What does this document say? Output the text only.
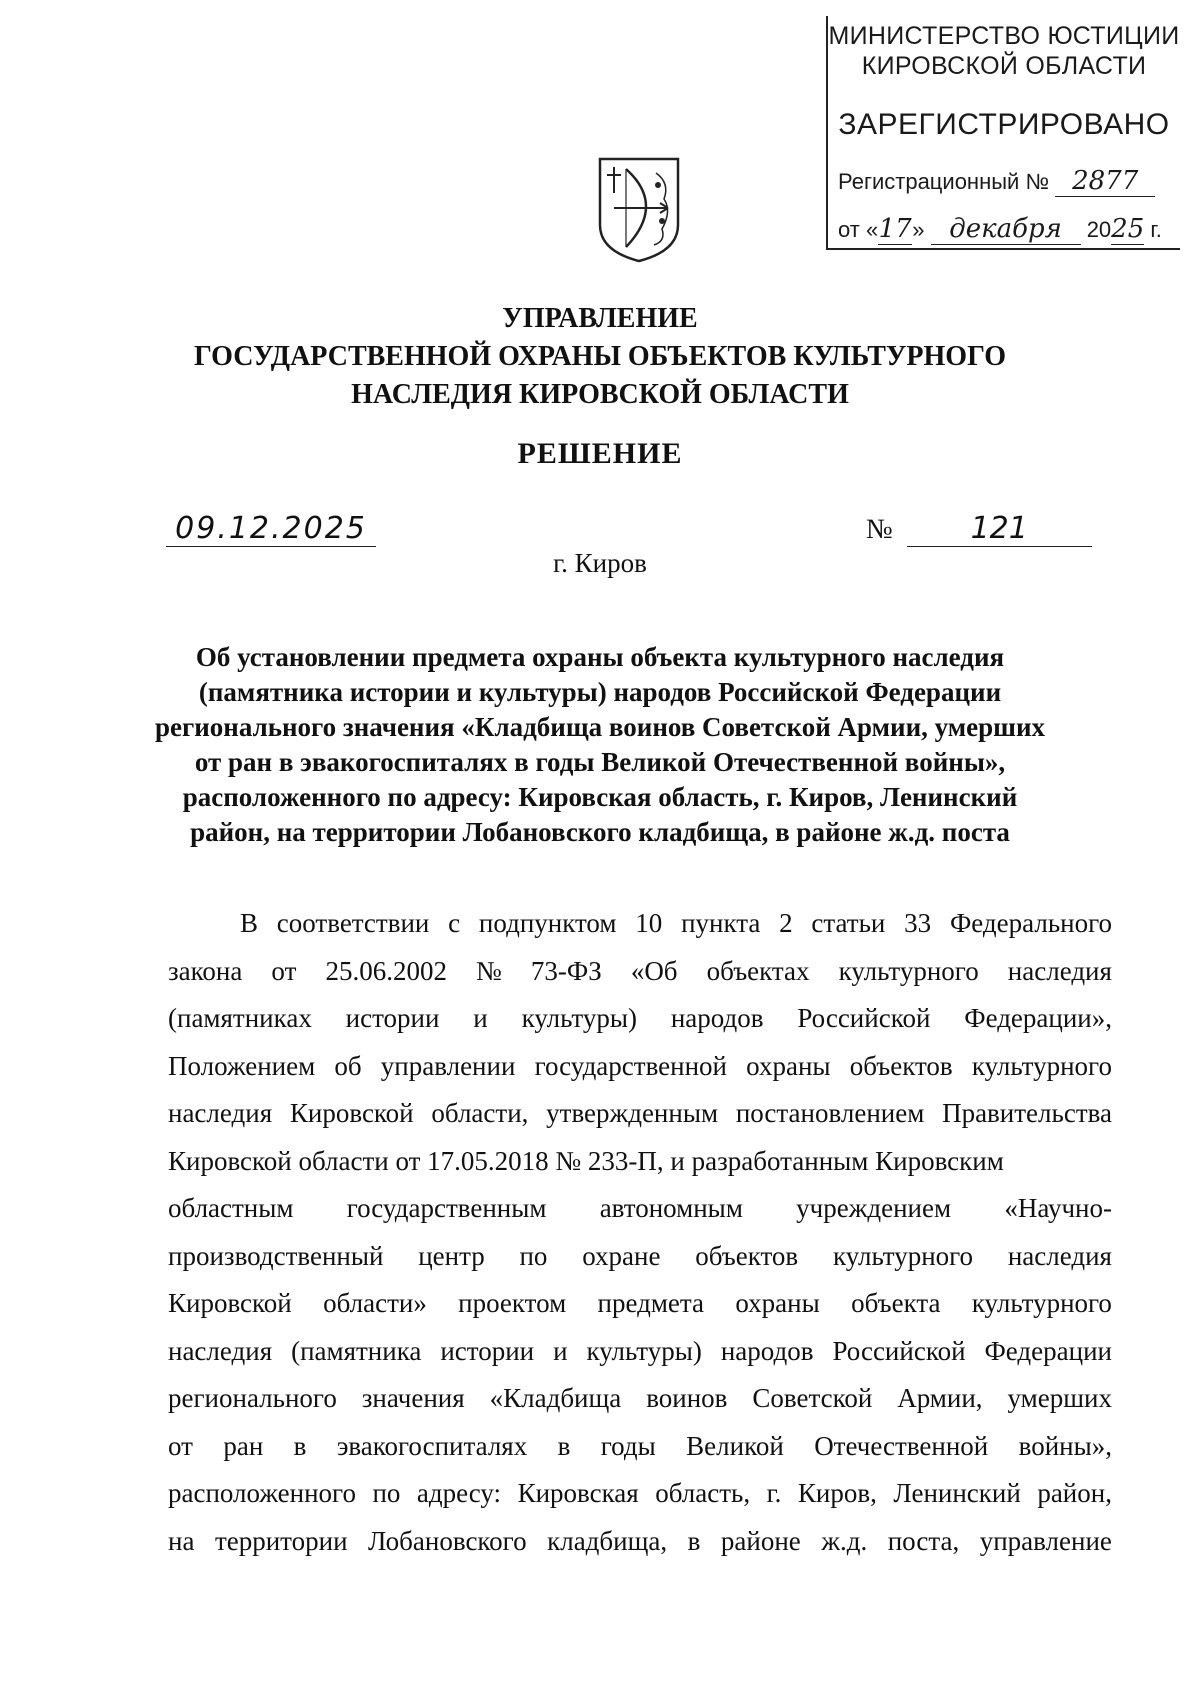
МИНИСТЕРСТВО ЮСТИЦИИ
КИРОВСКОЙ ОБЛАСТИ
ЗАРЕГИСТРИРОВАНО
Регистрационный № 2877
от «17» декабря 2025 г.
УПРАВЛЕНИЕ
ГОСУДАРСТВЕННОЙ ОХРАНЫ ОБЪЕКТОВ КУЛЬТУРНОГО
НАСЛЕДИЯ КИРОВСКОЙ ОБЛАСТИ
РЕШЕНИЕ
09.12.2025	№	121
г. Киров
Об установлении предмета охраны объекта культурного наследия
(памятника истории и культуры) народов Российской Федерации
регионального значения «Кладбища воинов Советской Армии, умерших
от ран в эвакогоспиталях в годы Великой Отечественной войны»,
расположенного по адресу: Кировская область, г. Киров, Ленинский
район, на территории Лобановского кладбища, в районе ж.д. поста
В соответствии с подпунктом 10 пункта 2 статьи 33 Федерального
закона от 25.06.2002 № 73-ФЗ «Об объектах культурного наследия
(памятниках истории и культуры) народов Российской Федерации»,
Положением об управлении государственной охраны объектов культурного
наследия Кировской области, утвержденным постановлением Правительства
Кировской области от 17.05.2018 № 233-П, и разработанным Кировским
областным государственным автономным учреждением «Научно-
производственный центр по охране объектов культурного наследия
Кировской области» проектом предмета охраны объекта культурного
наследия (памятника истории и культуры) народов Российской Федерации
регионального значения «Кладбища воинов Советской Армии, умерших
от ран в эвакогоспиталях в годы Великой Отечественной войны»,
расположенного по адресу: Кировская область, г. Киров, Ленинский район,
на территории Лобановского кладбища, в районе ж.д. поста, управление
